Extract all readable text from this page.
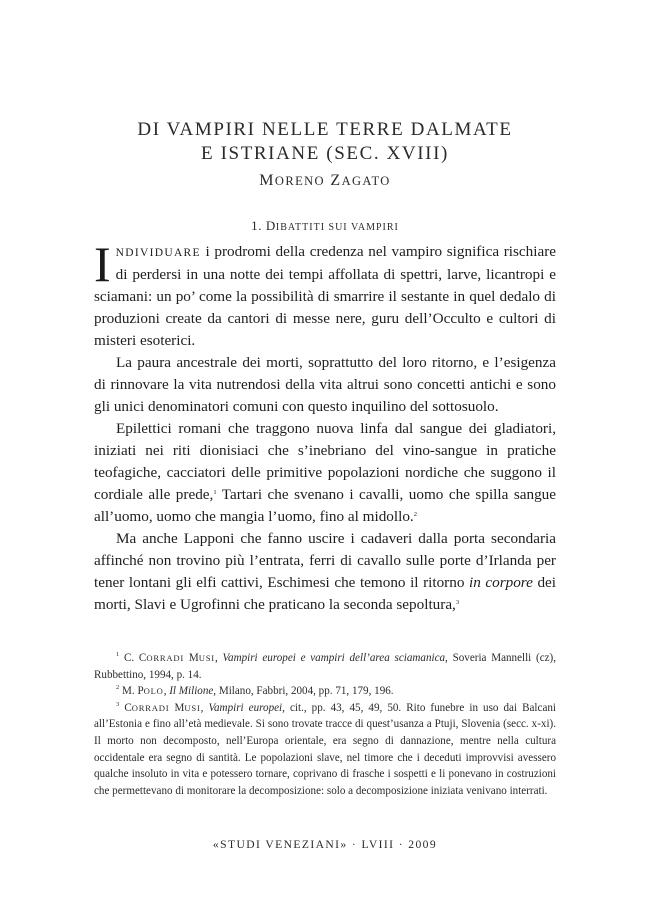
DI VAMPIRI NELLE TERRE DALMATE
E ISTRIANE (SEC. XVIII)
MORENO ZAGATO
1. DIBATTITI SUI VAMPIRI

INDIVIDUARE i prodromi della credenza nel vampiro significa rischiare di perdersi in una notte dei tempi affollata di spettri, larve, licantropi e sciamani: un po’ come la possibilità di smarrire il sestante in quel dedalo di produzioni create da cantori di messe nere, guru dell’Occulto e cultori di misteri esoterici.

La paura ancestrale dei morti, soprattutto del loro ritorno, e l’esigenza di rinnovare la vita nutrendosi della vita altrui sono concetti antichi e sono gli unici denominatori comuni con questo inquilino del sottosuolo.

Epilettici romani che traggono nuova linfa dal sangue dei gladiatori, iniziati nei riti dionisiaci che s’inebriano del vino-sangue in pratiche teofagiche, cacciatori delle primitive popolazioni nordiche che suggono il cordiale alle prede,$^1$ Tartari che svenano i cavalli, uomo che spilla sangue all’uomo, uomo che mangia l’uomo, fino al midollo.$^2$

Ma anche Lapponi che fanno uscire i cadaveri dalla porta secondaria affinché non trovino più l’entrata, ferri di cavallo sulle porte d’Irlanda per tener lontani gli elfi cattivi, Eschimesi che temono il ritorno in corpore dei morti, Slavi e Ugrofinni che praticano la seconda sepoltura,$^3$

$^1$ C. CORRADI MUSI, Vampiri europei e vampiri dell’area sciamanica, Soveria Mannelli (cz), Rubbettino, 1994, p. 14.

$^2$ M. POLO, Il Milione, Milano, Fabbri, 2004, pp. 71, 179, 196.

$^3$ CORRADI MUSI, Vampiri europei, cit., pp. 43, 45, 49, 50. Rito funebre in uso dai Balcani all’Estonia e fino all’età medievale. Si sono trovate tracce di quest’usanza a Ptuji, Slovenia (secc. x-xi). Il morto non decomposto, nell’Europa orientale, era segno di dannazione, mentre nella cultura occidentale era segno di santità. Le popolazioni slave, nel timore che i deceduti improvvisi avessero qualche insoluto in vita e potessero tornare, coprivano di frasche i sospetti e li ponevano in costruzioni che permettevano di monitorare la decomposizione: solo a decomposizione iniziata venivano interrati.

«STUDI VENEZIANI» · LVIII · 2009
